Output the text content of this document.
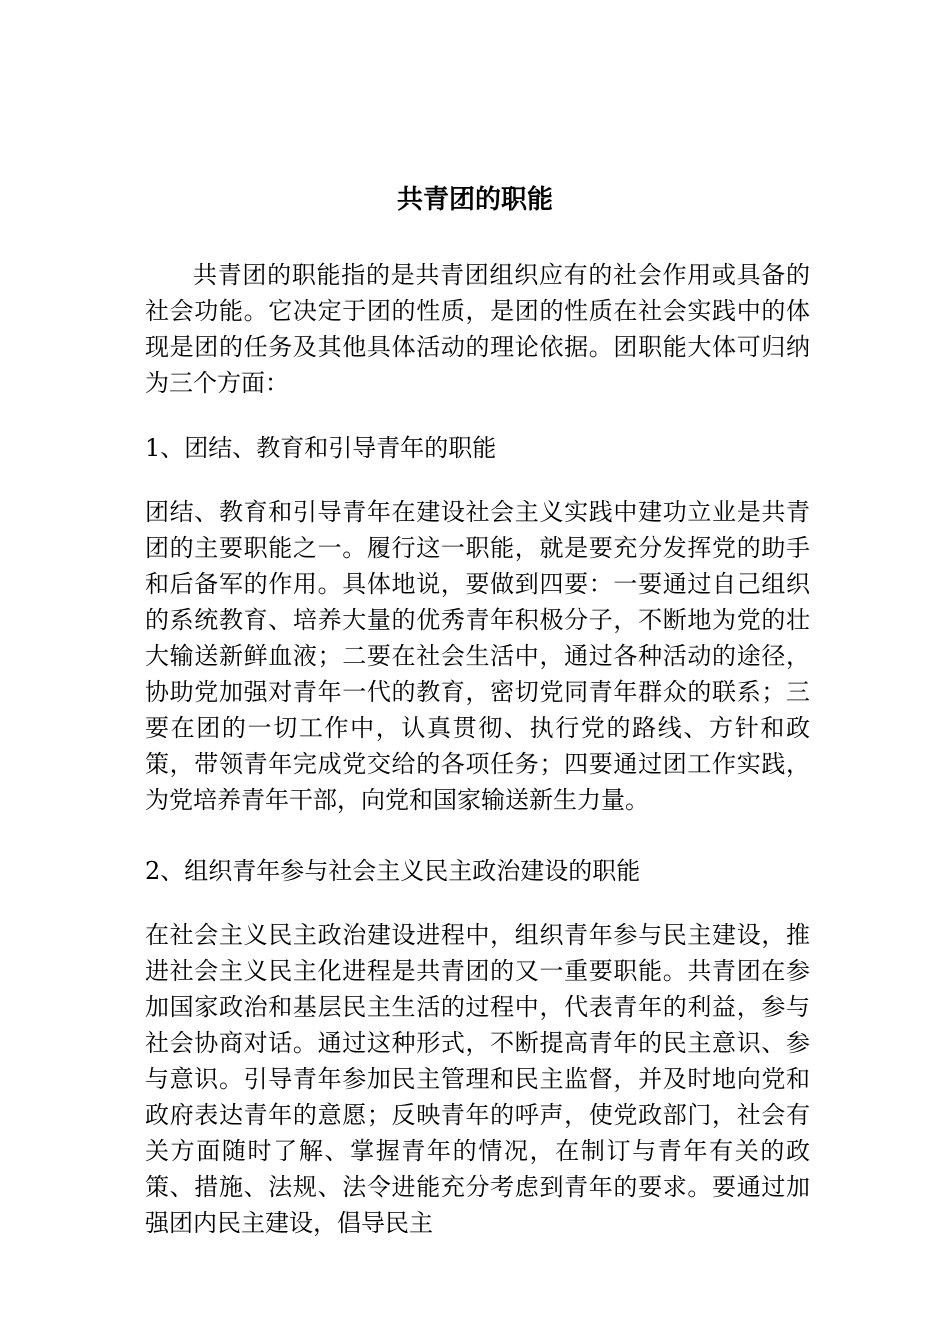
共青团的职能

共青团的职能指的是共青团组织应有的社会作用或具备的社会功能。它决定于团的性质，是团的性质在社会实践中的体现是团的任务及其他具体活动的理论依据。团职能大体可归纳为三个方面：

1、团结、教育和引导青年的职能

团结、教育和引导青年在建设社会主义实践中建功立业是共青团的主要职能之一。履行这一职能，就是要充分发挥党的助手和后备军的作用。具体地说，要做到四要：一要通过自己组织的系统教育、培养大量的优秀青年积极分子，不断地为党的壮大输送新鲜血液；二要在社会生活中，通过各种活动的途径，协助党加强对青年一代的教育，密切党同青年群众的联系；三要在团的一切工作中，认真贯彻、执行党的路线、方针和政策，带领青年完成党交给的各项任务；四要通过团工作实践，为党培养青年干部，向党和国家输送新生力量。

2、组织青年参与社会主义民主政治建设的职能

在社会主义民主政治建设进程中，组织青年参与民主建设，推进社会主义民主化进程是共青团的又一重要职能。共青团在参加国家政治和基层民主生活的过程中，代表青年的利益，参与社会协商对话。通过这种形式，不断提高青年的民主意识、参与意识。引导青年参加民主管理和民主监督，并及时地向党和政府表达青年的意愿；反映青年的呼声，使党政部门，社会有关方面随时了解、掌握青年的情况，在制订与青年有关的政策、措施、法规、法令进能充分考虑到青年的要求。要通过加强团内民主建设，倡导民主
